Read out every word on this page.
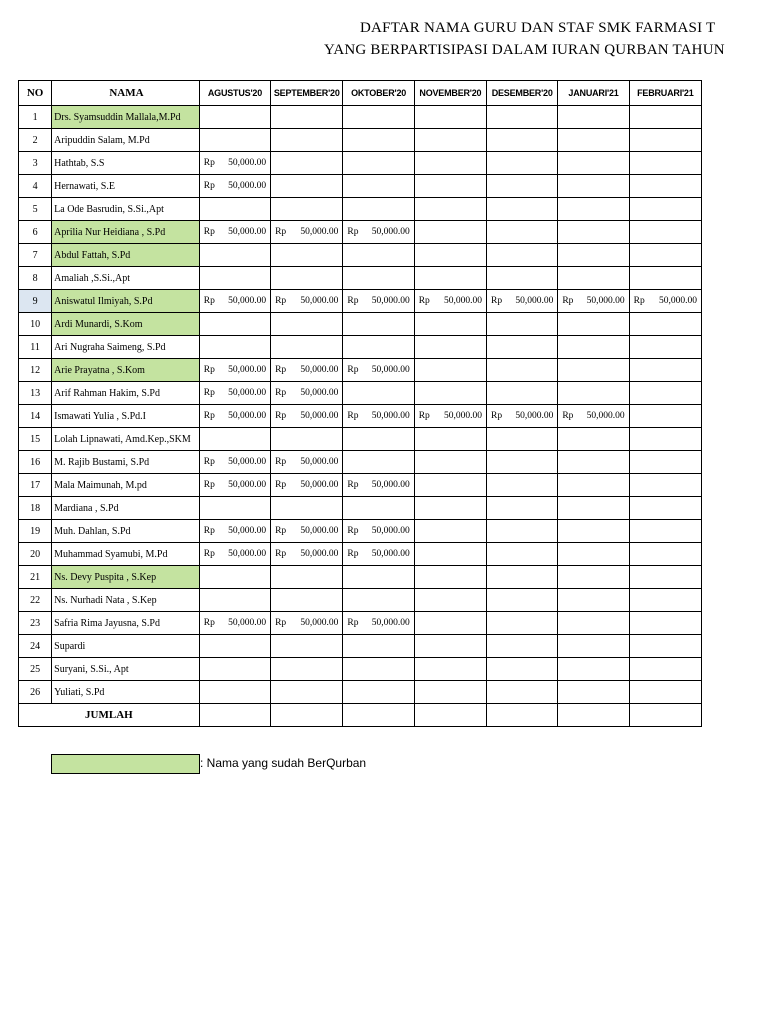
DAFTAR NAMA GURU DAN STAF SMK FARMASI T
YANG BERPARTISIPASI DALAM IURAN QURBAN TAHUN
NO	NAMA	AGUSTUS'20	SEPTEMBER'20	OKTOBER'20	NOVEMBER'20	DESEMBER'20	JANUARI'21	FEBRUARI'21
1	Drs. Syamsuddin Mallala,M.Pd							
2	Aripuddin Salam, M.Pd							
3	Hathtab, S.S	Rp 50,000.00						

4	Hernawati, S.E	Rp 50,000.00						

5	La Ode Basrudin, S.Si.,Apt							
6	Aprilia Nur Heidiana , S.Pd	Rp 50,000.00	Rp 50,000.00	Rp 50,000.00				

7	Abdul Fattah, S.Pd							
8	Amaliah ,S.Si.,Apt							
9	Aniswatul Ilmiyah, S.Pd	Rp 50,000.00	Rp 50,000.00	Rp 50,000.00	Rp 50,000.00	Rp 50,000.00	Rp 50,000.00	Rp 50,000.00

10	Ardi Munardi, S.Kom							
11	Ari Nugraha Saimeng, S.Pd							
12	Arie Prayatna , S.Kom	Rp 50,000.00	Rp 50,000.00	Rp 50,000.00				

13	Arif Rahman Hakim, S.Pd	Rp 50,000.00	Rp 50,000.00					

14	Ismawati Yulia , S.Pd.I	Rp 50,000.00	Rp 50,000.00	Rp 50,000.00	Rp 50,000.00	Rp 50,000.00	Rp 50,000.00	

15	Lolah Lipnawati, Amd.Kep.,SKM							
16	M. Rajib Bustami, S.Pd	Rp 50,000.00	Rp 50,000.00					

17	Mala Maimunah, M.pd	Rp 50,000.00	Rp 50,000.00	Rp 50,000.00				

18	Mardiana , S.Pd							
19	Muh. Dahlan, S.Pd	Rp 50,000.00	Rp 50,000.00	Rp 50,000.00				

20	Muhammad Syamubi, M.Pd	Rp 50,000.00	Rp 50,000.00	Rp 50,000.00				

21	Ns. Devy Puspita , S.Kep							
22	Ns. Nurhadi Nata , S.Kep							
23	Safria Rima Jayusna, S.Pd	Rp 50,000.00	Rp 50,000.00	Rp 50,000.00				

24	Supardi							
25	Suryani, S.Si., Apt							
26	Yuliati, S.Pd							
JUMLAH								
: Nama yang sudah BerQurban
